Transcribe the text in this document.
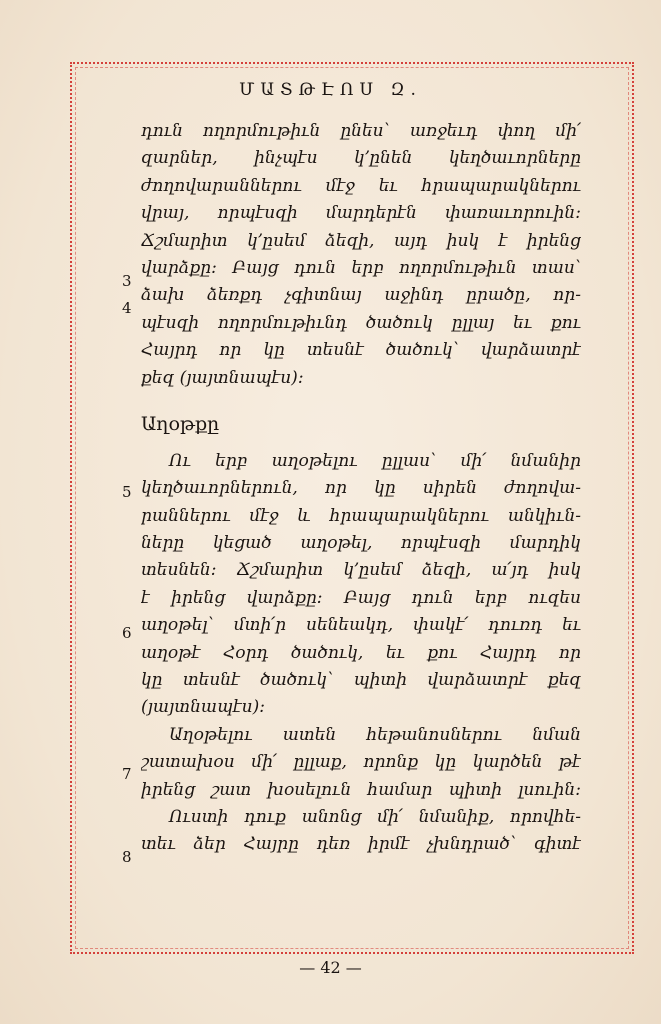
ՄԱՏԹԷՈՍ Զ.
3
4
5
6
7
8
դուն ողորմութիւն ընես՝ առջեւդ փող մի՛
զարներ, ինչպէս կ՚ընեն կեղծաւորները
ժողովարաններու մէջ եւ հրապարակներու
վրայ, որպէսզի մարդերէն փառաւորուին։
Ճշմարիտ կ՚ըսեմ ձեզի, այդ իսկ է իրենց
վարձքը։ Բայց դուն երբ ողորմութիւն տաս՝
ձախ ձեռքդ չգիտնայ աջինդ ըրածը, որ-
պէսզի ողորմութիւնդ ծածուկ ըլլայ եւ քու
Հայրդ որ կը տեսնէ ծածուկ՝ վարձատրէ
քեզ (յայտնապէս)։
Աղօթքը
Ու երբ աղօթելու ըլլաս՝ մի՛ նմանիր
կեղծաւորներուն, որ կը սիրեն ժողովա-
րաններու մէջ և հրապարակներու անկիւն-
ները կեցած աղօթել, որպէսզի մարդիկ
տեսնեն։ Ճշմարիտ կ՚ըսեմ ձեզի, ա՛յդ իսկ
է իրենց վարձքը։ Բայց դուն երբ ուզես
աղօթել՝ մտի՛ր սենեակդ, փակէ՛ դուռդ եւ
աղօթէ Հօրդ ծածուկ, եւ քու Հայրդ որ
կը տեսնէ ծածուկ՝ պիտի վարձատրէ քեզ
(յայտնապէս)։
Աղօթելու ատեն հեթանոսներու նման
շատախօս մի՛ ըլլաք, որոնք կը կարծեն թէ
իրենց շատ խօսելուն համար պիտի լսուին։
Ուստի դուք անոնց մի՛ նմանիք, որովհե-
տեւ ձեր Հայրը դեռ իրմէ չխնդրած՝ գիտէ
— 42 —
